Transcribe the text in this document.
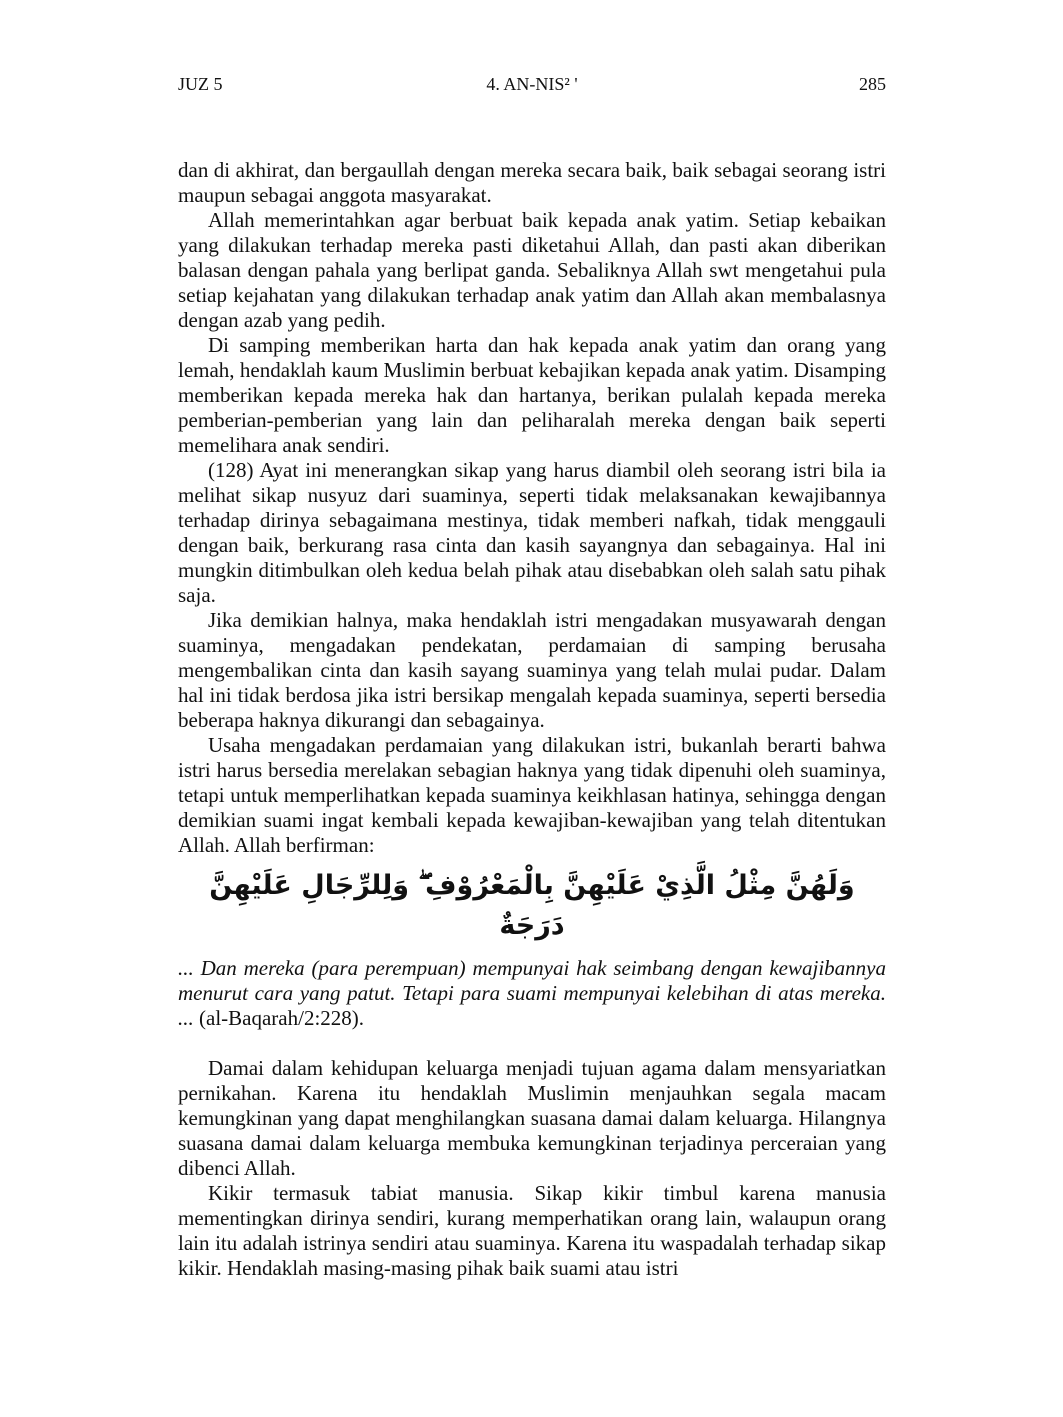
JUZ 5	4. AN-NIS² '	285

dan di akhirat, dan bergaullah dengan mereka secara baik, baik sebagai seorang istri maupun sebagai anggota masyarakat.

Allah memerintahkan agar berbuat baik kepada anak yatim. Setiap kebaikan yang dilakukan terhadap mereka pasti diketahui Allah, dan pasti akan diberikan balasan dengan pahala yang berlipat ganda. Sebaliknya Allah swt mengetahui pula setiap kejahatan yang dilakukan terhadap anak yatim dan Allah akan membalasnya dengan azab yang pedih.

Di samping memberikan harta dan hak kepada anak yatim dan orang yang lemah, hendaklah kaum Muslimin berbuat kebajikan kepada anak yatim. Disamping memberikan kepada mereka hak dan hartanya, berikan pulalah kepada mereka pemberian-pemberian yang lain dan peliharalah mereka dengan baik seperti memelihara anak sendiri.

(128) Ayat ini menerangkan sikap yang harus diambil oleh seorang istri bila ia melihat sikap nusyuz dari suaminya, seperti tidak melaksanakan kewajibannya terhadap dirinya sebagaimana mestinya, tidak memberi nafkah, tidak menggauli dengan baik, berkurang rasa cinta dan kasih sayangnya dan sebagainya. Hal ini mungkin ditimbulkan oleh kedua belah pihak atau disebabkan oleh salah satu pihak saja.

Jika demikian halnya, maka hendaklah istri mengadakan musyawarah dengan suaminya, mengadakan pendekatan, perdamaian di samping berusaha mengembalikan cinta dan kasih sayang suaminya yang telah mulai pudar. Dalam hal ini tidak berdosa jika istri bersikap mengalah kepada suaminya, seperti bersedia beberapa haknya dikurangi dan sebagainya.

Usaha mengadakan perdamaian yang dilakukan istri, bukanlah berarti bahwa istri harus bersedia merelakan sebagian haknya yang tidak dipenuhi oleh suaminya, tetapi untuk memperlihatkan kepada suaminya keikhlasan hatinya, sehingga dengan demikian suami ingat kembali kepada kewajiban-kewajiban yang telah ditentukan Allah. Allah berfirman:

وَلَهُنَّ مِثْلُ الَّذِيْ عَلَيْهِنَّ بِالْمَعْرُوْفِ ۖ وَلِلرِّجَالِ عَلَيْهِنَّ دَرَجَةٌ

... Dan mereka (para perempuan) mempunyai hak seimbang dengan kewajibannya menurut cara yang patut. Tetapi para suami mempunyai kelebihan di atas mereka. ... (al-Baqarah/2:228).

Damai dalam kehidupan keluarga menjadi tujuan agama dalam mensyariatkan pernikahan. Karena itu hendaklah Muslimin menjauhkan segala macam kemungkinan yang dapat menghilangkan suasana damai dalam keluarga. Hilangnya suasana damai dalam keluarga membuka kemungkinan terjadinya perceraian yang dibenci Allah.

Kikir termasuk tabiat manusia. Sikap kikir timbul karena manusia mementingkan dirinya sendiri, kurang memperhatikan orang lain, walaupun orang lain itu adalah istrinya sendiri atau suaminya. Karena itu waspadalah terhadap sikap kikir. Hendaklah masing-masing pihak baik suami atau istri
